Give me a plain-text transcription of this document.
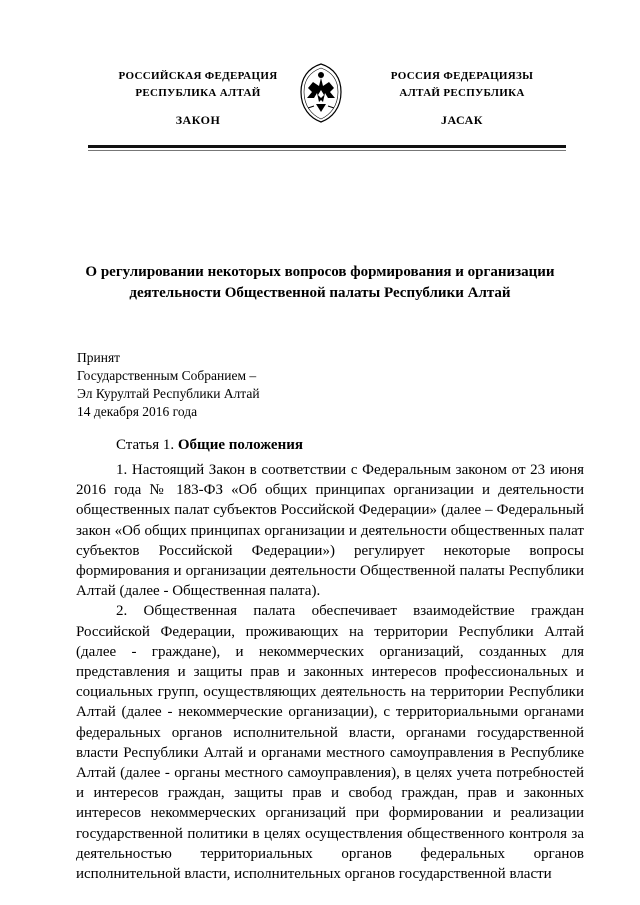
РОССИЙСКАЯ ФЕДЕРАЦИЯ
РЕСПУБЛИКА АЛТАЙ
ЗАКОН
РОССИЯ ФЕДЕРАЦИЯЗЫ
АЛТАЙ РЕСПУБЛИКА
JАСАК
О регулировании некоторых вопросов формирования и организации
деятельности Общественной палаты Республики Алтай
Принят
Государственным Собранием –
Эл Курултай Республики Алтай
14 декабря 2016 года
Статья 1. Общие положения

1. Настоящий Закон в соответствии с Федеральным законом от 23 июня 2016 года № 183-ФЗ «Об общих принципах организации и деятельности общественных палат субъектов Российской Федерации» (далее – Федеральный закон «Об общих принципах организации и деятельности общественных палат субъектов Российской Федерации») регулирует некоторые вопросы формирования и организации деятельности Общественной палаты Республики Алтай (далее - Общественная палата).

2. Общественная палата обеспечивает взаимодействие граждан Российской Федерации, проживающих на территории Республики Алтай (далее - граждане), и некоммерческих организаций, созданных для представления и защиты прав и законных интересов профессиональных и социальных групп, осуществляющих деятельность на территории Республики Алтай (далее - некоммерческие организации), с территориальными органами федеральных органов исполнительной власти, органами государственной власти Республики Алтай и органами местного самоуправления в Республике Алтай (далее - органы местного самоуправления), в целях учета потребностей и интересов граждан, защиты прав и свобод граждан, прав и законных интересов некоммерческих организаций при формировании и реализации государственной политики в целях осуществления общественного контроля за деятельностью территориальных органов федеральных органов исполнительной власти, исполнительных органов государственной власти
